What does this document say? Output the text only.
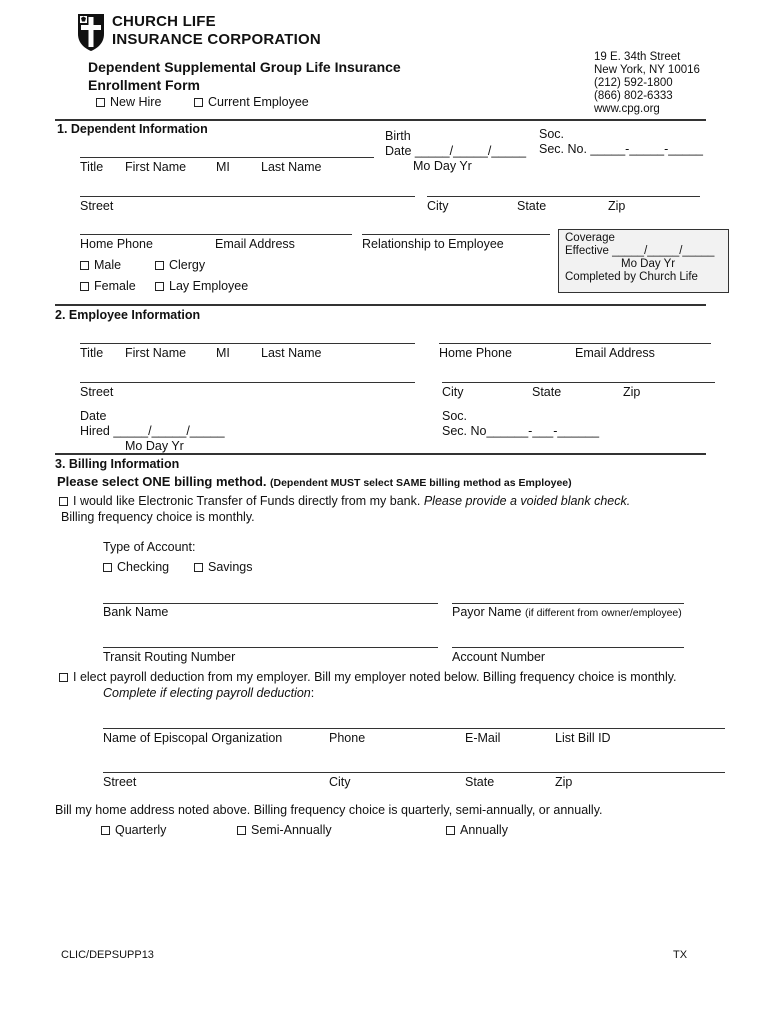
CHURCH LIFE
INSURANCE CORPORATION
Dependent Supplemental Group Life Insurance
Enrollment Form
New Hire	Current Employee
19 E. 34th Street
New York, NY 10016
(212) 592-1800
(866) 802-6333
www.cpg.org
1. Dependent Information	Birth
Date _____/_____/_____
Mo Day Yr
Soc.
Sec. No. _____-_____-_____
Title First Name MI Last Name
Street	City	State	Zip
Home Phone	Email Address	Relationship to Employee
Male	Clergy
Female	Lay Employee
Coverage
Effective _____/_____/_____
Mo Day Yr
Completed by Church Life
2. Employee Information
Title First Name MI Last Name	Home Phone	Email Address
Street	City	State	Zip
Date
Hired _____/_____/_____
Mo Day Yr
Soc.
Sec. No______-___-______
3. Billing Information
Please select ONE billing method. (Dependent MUST select SAME billing method as Employee)
I would like Electronic Transfer of Funds directly from my bank. Please provide a voided blank check.
Billing frequency choice is monthly.
Type of Account:
Checking	Savings
Bank Name	Payor Name (if different from owner/employee)
Transit Routing Number	Account Number
I elect payroll deduction from my employer. Bill my employer noted below. Billing frequency choice is monthly.
Complete if electing payroll deduction:
Name of Episcopal Organization	Phone	E-Mail	List Bill ID
Street	City	State	Zip
Bill my home address noted above. Billing frequency choice is quarterly, semi-annually, or annually.
Quarterly	Semi-Annually	Annually
CLIC/DEPSUPP13	TX
